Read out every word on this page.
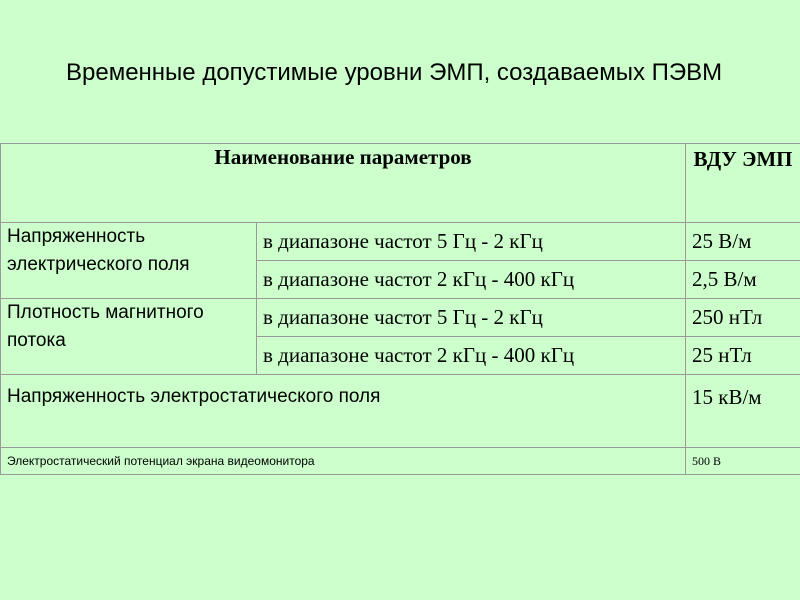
Временные допустимые уровни ЭМП, создаваемых ПЭВМ
Наименование параметров		ВДУ ЭМП
Напряженность электрического поля	в диапазоне частот 5 Гц - 2 кГц	25 В/м
	в диапазоне частот 2 кГц - 400 кГц	2,5 В/м
Плотность магнитного потока	в диапазоне частот 5 Гц - 2 кГц	250 нТл
	в диапазоне частот 2 кГц - 400 кГц	25 нТл
Напряженность электростатического поля		15 кВ/м
Электростатический потенциал экрана видеомонитора		500 В
